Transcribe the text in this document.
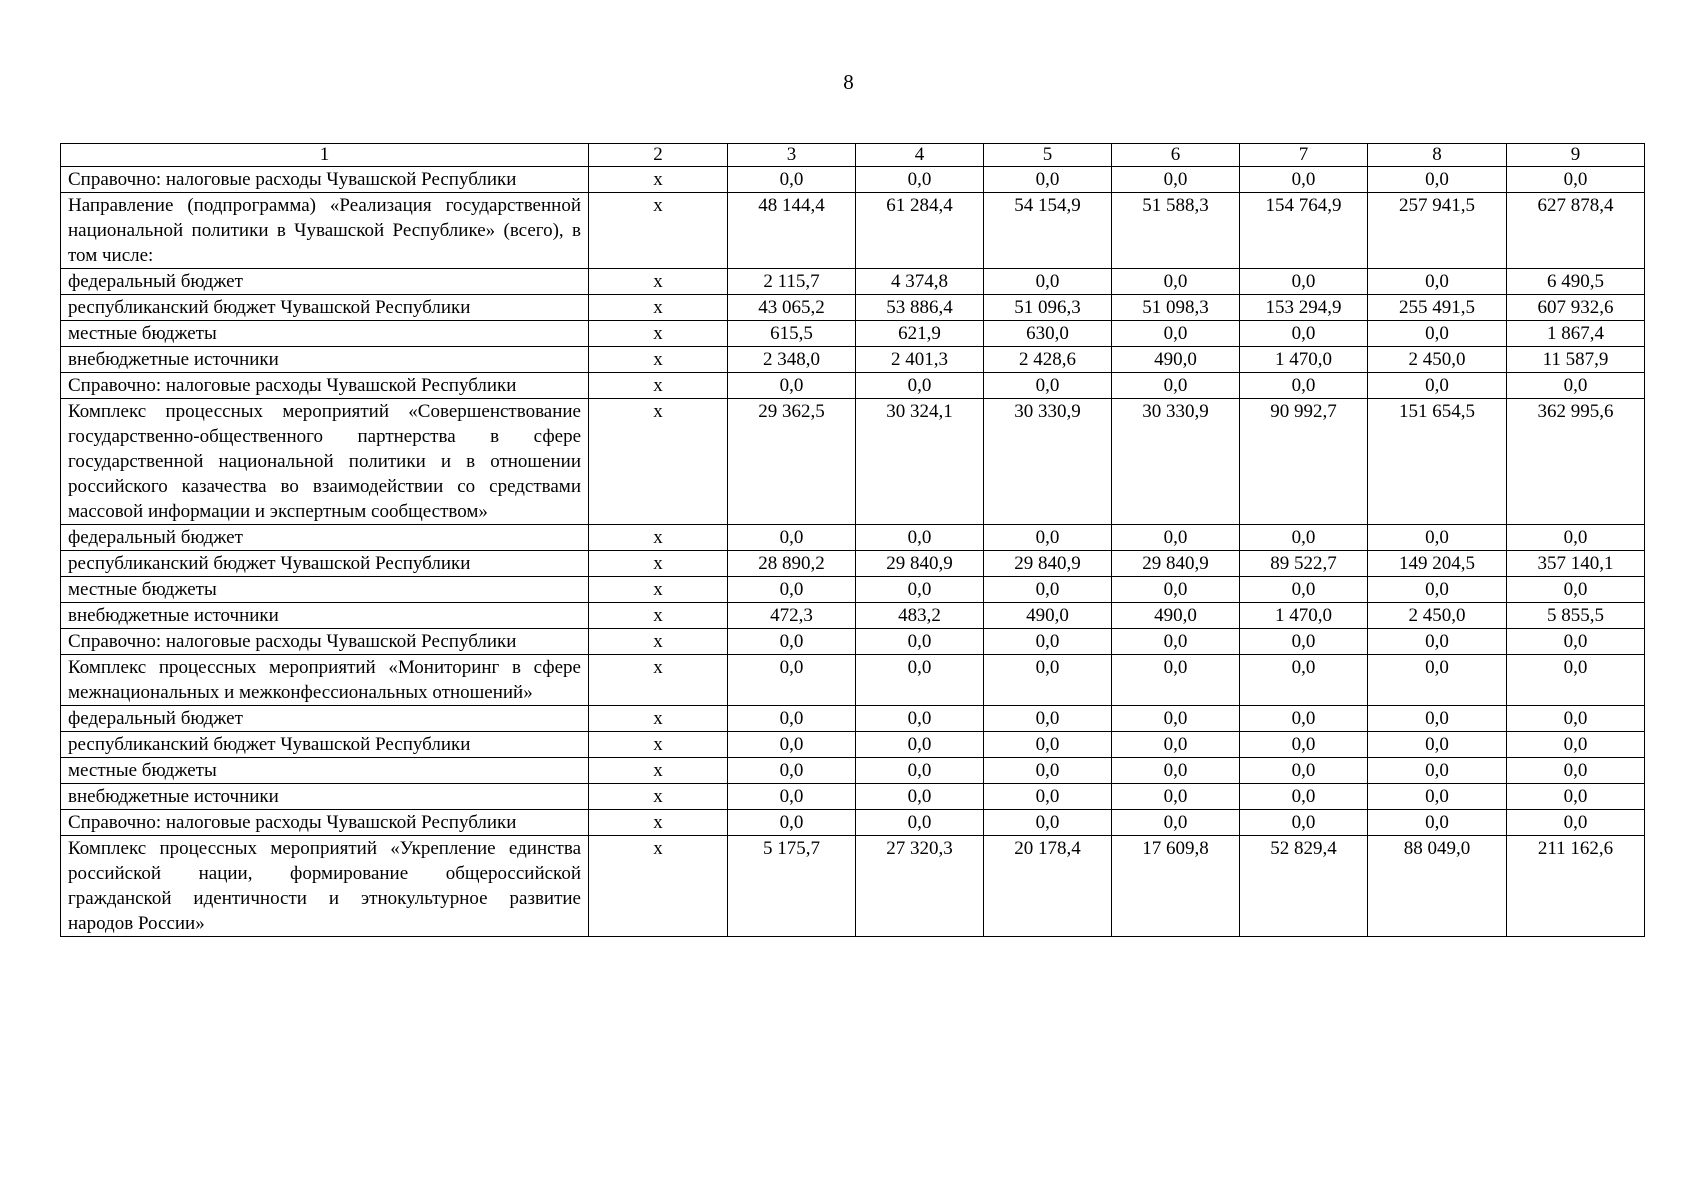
8
1	2	3	4	5	6	7	8	9
Справочно: налоговые расходы Чувашской Республики	х	0,0	0,0	0,0	0,0	0,0	0,0	0,0
Направление (подпрограмма) «Реализация государственной национальной политики в Чувашской Республике» (всего), в том числе:	х	48 144,4	61 284,4	54 154,9	51 588,3	154 764,9	257 941,5	627 878,4
федеральный бюджет	х	2 115,7	4 374,8	0,0	0,0	0,0	0,0	6 490,5
республиканский бюджет Чувашской Республики	х	43 065,2	53 886,4	51 096,3	51 098,3	153 294,9	255 491,5	607 932,6
местные бюджеты	х	615,5	621,9	630,0	0,0	0,0	0,0	1 867,4
внебюджетные источники	х	2 348,0	2 401,3	2 428,6	490,0	1 470,0	2 450,0	11 587,9
Справочно: налоговые расходы Чувашской Республики	х	0,0	0,0	0,0	0,0	0,0	0,0	0,0
Комплекс процессных мероприятий «Совершенствование государственно-общественного партнерства в сфере государственной национальной политики и в отношении российского казачества во взаимодействии со средствами массовой информации и экспертным сообществом»	х	29 362,5	30 324,1	30 330,9	30 330,9	90 992,7	151 654,5	362 995,6
федеральный бюджет	х	0,0	0,0	0,0	0,0	0,0	0,0	0,0
республиканский бюджет Чувашской Республики	х	28 890,2	29 840,9	29 840,9	29 840,9	89 522,7	149 204,5	357 140,1
местные бюджеты	х	0,0	0,0	0,0	0,0	0,0	0,0	0,0
внебюджетные источники	х	472,3	483,2	490,0	490,0	1 470,0	2 450,0	5 855,5
Справочно: налоговые расходы Чувашской Республики	х	0,0	0,0	0,0	0,0	0,0	0,0	0,0
Комплекс процессных мероприятий «Мониторинг в сфере межнациональных и межконфессиональных отношений»	х	0,0	0,0	0,0	0,0	0,0	0,0	0,0
федеральный бюджет	х	0,0	0,0	0,0	0,0	0,0	0,0	0,0
республиканский бюджет Чувашской Республики	х	0,0	0,0	0,0	0,0	0,0	0,0	0,0
местные бюджеты	х	0,0	0,0	0,0	0,0	0,0	0,0	0,0
внебюджетные источники	х	0,0	0,0	0,0	0,0	0,0	0,0	0,0
Справочно: налоговые расходы Чувашской Республики	х	0,0	0,0	0,0	0,0	0,0	0,0	0,0
Комплекс процессных мероприятий «Укрепление единства российской нации, формирование общероссийской гражданской идентичности и этнокультурное развитие народов России»	х	5 175,7	27 320,3	20 178,4	17 609,8	52 829,4	88 049,0	211 162,6
